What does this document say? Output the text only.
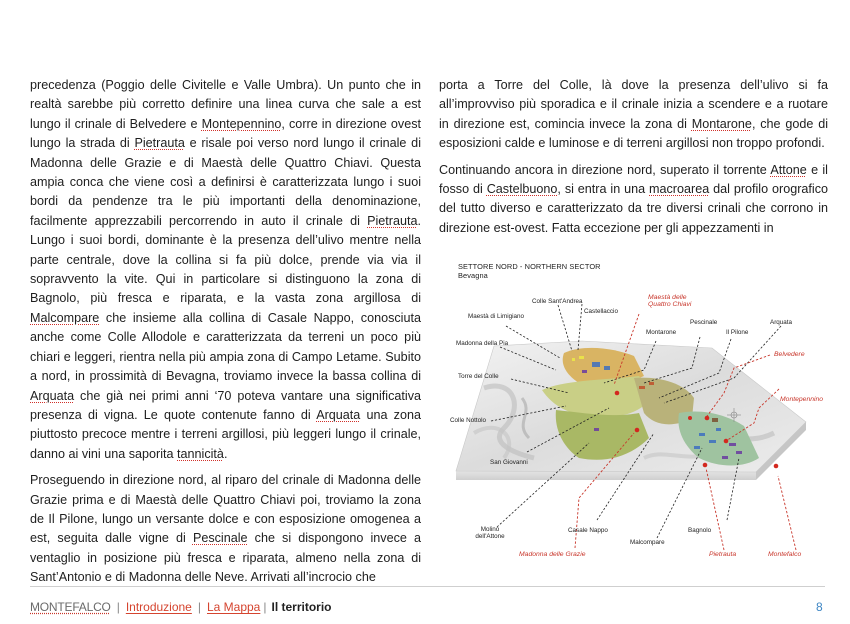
precedenza (Poggio delle Civitelle e Valle Umbra). Un punto che in realtà sarebbe più corretto definire una linea curva che sale a est lungo il crinale di Belvedere e Montepennino, corre in direzione ovest lungo la strada di Pietrauta e risale poi verso nord lungo il crinale di Madonna delle Grazie e di Maestà delle Quattro Chiavi. Questa ampia conca che viene così a definirsi è caratterizzata lungo i suoi bordi da pendenze tra le più importanti della denominazione, facilmente apprezzabili percorrendo in auto il crinale di Pietrauta. Lungo i suoi bordi, dominante è la presenza dell’ulivo mentre nella parte centrale, dove la collina si fa più dolce, prende via via il sopravvento la vite. Qui in particolare si distinguono la zona di Bagnolo, più fresca e riparata, e la vasta zona argillosa di Malcompare che insieme alla collina di Casale Nappo, conosciuta anche come Colle Allodole e caratterizzata da terreni un poco più chiari e leggeri, rientra nella più ampia zona di Campo Letame. Subito a nord, in prossimità di Bevagna, troviamo invece la bassa collina di Arquata che già nei primi anni ‘70 poteva vantare una significativa presenza di vigna. Le quote contenute fanno di Arquata una zona piuttosto precoce mentre i terreni argillosi, più leggeri lungo il crinale, danno ai vini una saporita tannicità.

Proseguendo in direzione nord, al riparo del crinale di Madonna delle Grazie prima e di Maestà delle Quattro Chiavi poi, troviamo la zona de Il Pilone, lungo un versante dolce e con esposizione omogenea a est, seguita dalle vigne di Pescinale che si dispongono invece a ventaglio in posizione più fresca e riparata, almeno nella zona di Sant’Antonio e di Madonna delle Neve. Arrivati all’incrocio che

porta a Torre del Colle, là dove la presenza dell’ulivo si fa all’improvviso più sporadica e il crinale inizia a scendere e a ruotare in direzione est, comincia invece la zona di Montarone, che gode di esposizioni calde e luminose e di terreni argillosi non troppo profondi.

Continuando ancora in direzione nord, superato il torrente Attone e il fosso di Castelbuono, si entra in una macroarea dal profilo orografico del tutto diverso e caratterizzato da tre diversi crinali che corrono in direzione est-ovest. Fatta eccezione per gli appezzamenti in

SETTORE NORD - NORTHERN SECTOR
Bevagna
Colle Sant'Andrea
Castellaccio
Maestà di Limigiano
Madonna della Pia
Montarone
Pescinale
Il Pilone
Arquata
Torre del Colle
Colle Nottolo
San Giovanni
Molino
dell'Attone
Casale Nappo
Malcompare
Bagnolo
Maestà delle
Quattro Chiavi
Belvedere
Montepennino
Madonna delle Grazie	Pietrauta	Montefalco
MONTEFALCO | Introduzione | La Mappa | Il territorio	8
